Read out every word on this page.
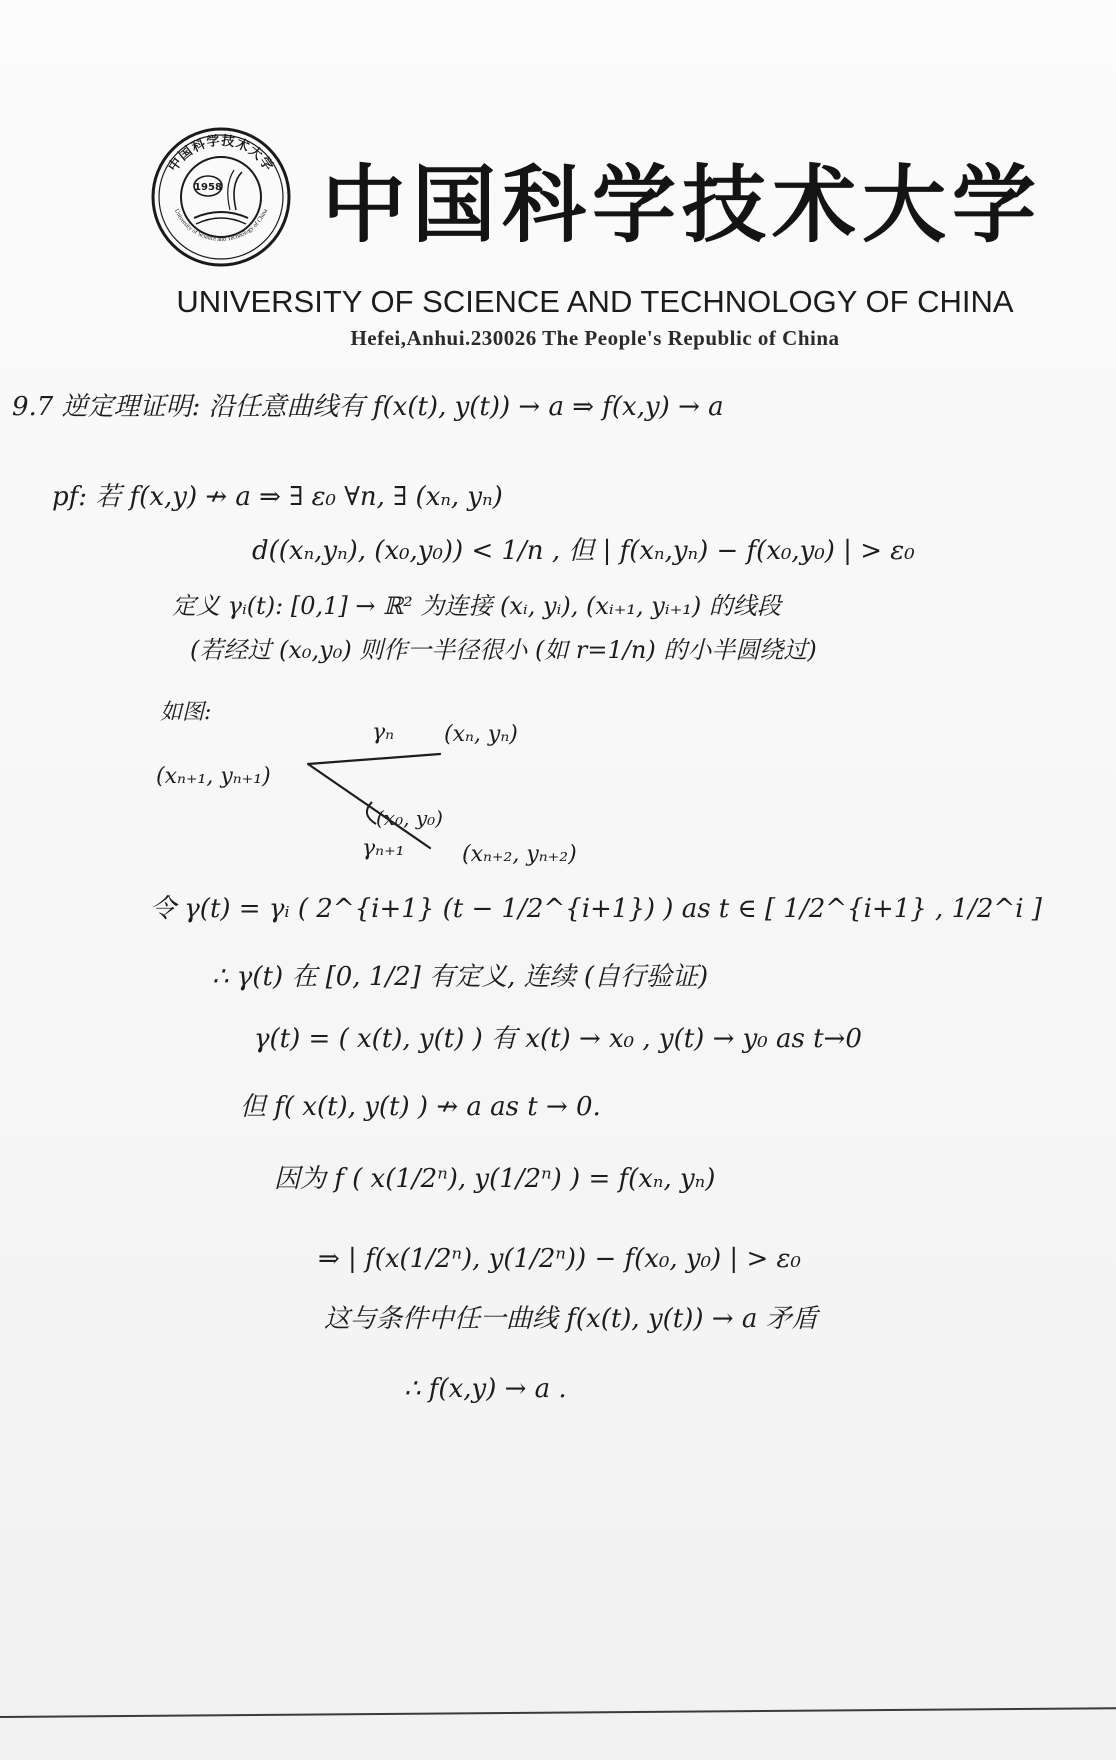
中国科学技术大学
University of Science and Technology of China
1958 中国科学技术大学
UNIVERSITY OF SCIENCE AND TECHNOLOGY OF CHINA
Hefei,Anhui.230026 The People's Republic of China
9.7 逆定理证明: 沿任意曲线有 f(x(t), y(t)) → a ⇒ f(x,y) → a
pf: 若 f(x,y) ↛ a ⇒ ∃ ε₀ ∀n, ∃ (xₙ, yₙ)
d((xₙ,yₙ), (x₀,y₀)) < 1/n , 但 | f(xₙ,yₙ) − f(x₀,y₀) | > ε₀
定义 γᵢ(t): [0,1] → ℝ² 为连接 (xᵢ, yᵢ), (xᵢ₊₁, yᵢ₊₁) 的线段
(若经过 (x₀,y₀) 则作一半径很小 (如 r=1/n) 的小半圆绕过)
如图:
γₙ (xₙ, yₙ)
(xₙ₊₁, yₙ₊₁)
(x₀, y₀)
γₙ₊₁	(xₙ₊₂, yₙ₊₂)
令 γ(t) = γᵢ ( 2^{i+1} (t − 1/2^{i+1}) ) as t ∈ [ 1/2^{i+1} , 1/2^i ]
∴ γ(t) 在 [0, 1/2] 有定义, 连续 (自行验证)
γ(t) = ( x(t), y(t) ) 有 x(t) → x₀ , y(t) → y₀ as t→0
但 f( x(t), y(t) ) ↛ a as t → 0.
因为 f ( x(1/2ⁿ), y(1/2ⁿ) ) = f(xₙ, yₙ)
⇒ | f(x(1/2ⁿ), y(1/2ⁿ)) − f(x₀, y₀) | > ε₀
这与条件中任一曲线 f(x(t), y(t)) → a 矛盾
∴ f(x,y) → a .
